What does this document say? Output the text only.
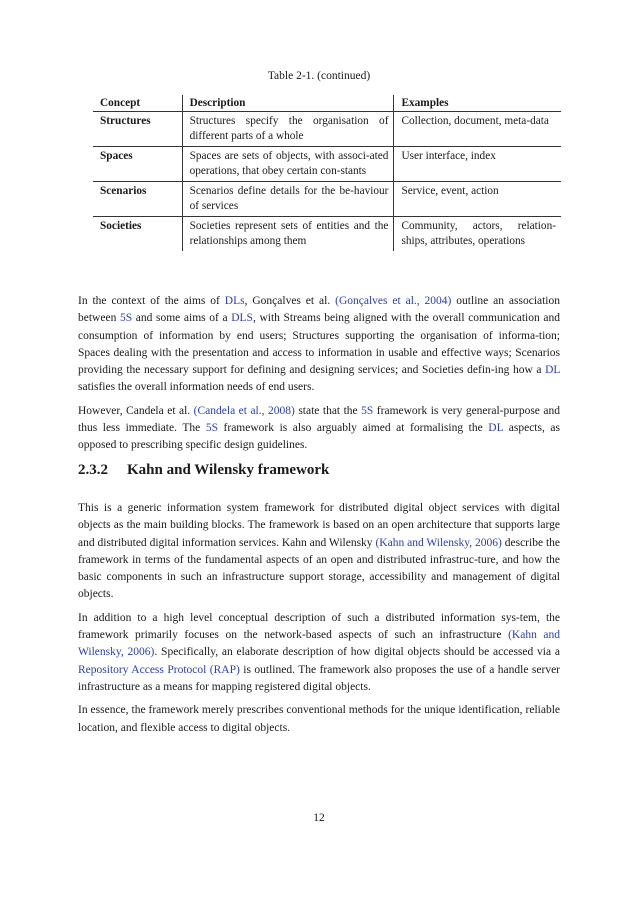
Table 2-1. (continued)
Concept	Description	Examples
Structures	Structures specify the organisation of different parts of a whole	Collection, document, meta-data
Spaces	Spaces are sets of objects, with associ-ated operations, that obey certain con-stants	User interface, index
Scenarios	Scenarios define details for the be-haviour of services	Service, event, action
Societies	Societies represent sets of entities and the relationships among them	Community, actors, relation-ships, attributes, operations

In the context of the aims of DLs, Gonçalves et al. (Gonçalves et al., 2004) outline an association between 5S and some aims of a DLS, with Streams being aligned with the overall communication and consumption of information by end users; Structures supporting the organisation of informa-tion; Spaces dealing with the presentation and access to information in usable and effective ways; Scenarios providing the necessary support for defining and designing services; and Societies defin-ing how a DL satisfies the overall information needs of end users.

However, Candela et al. (Candela et al., 2008) state that the 5S framework is very general-purpose and thus less immediate. The 5S framework is also arguably aimed at formalising the DL aspects, as opposed to prescribing specific design guidelines.

2.3.2 Kahn and Wilensky framework

This is a generic information system framework for distributed digital object services with digital objects as the main building blocks. The framework is based on an open architecture that supports large and distributed digital information services. Kahn and Wilensky (Kahn and Wilensky, 2006) describe the framework in terms of the fundamental aspects of an open and distributed infrastruc-ture, and how the basic components in such an infrastructure support storage, accessibility and management of digital objects.

In addition to a high level conceptual description of such a distributed information sys-tem, the framework primarily focuses on the network-based aspects of such an infrastructure (Kahn and Wilensky, 2006). Specifically, an elaborate description of how digital objects should be accessed via a Repository Access Protocol (RAP) is outlined. The framework also proposes the use of a handle server infrastructure as a means for mapping registered digital objects.

In essence, the framework merely prescribes conventional methods for the unique identification, reliable location, and flexible access to digital objects.

12
